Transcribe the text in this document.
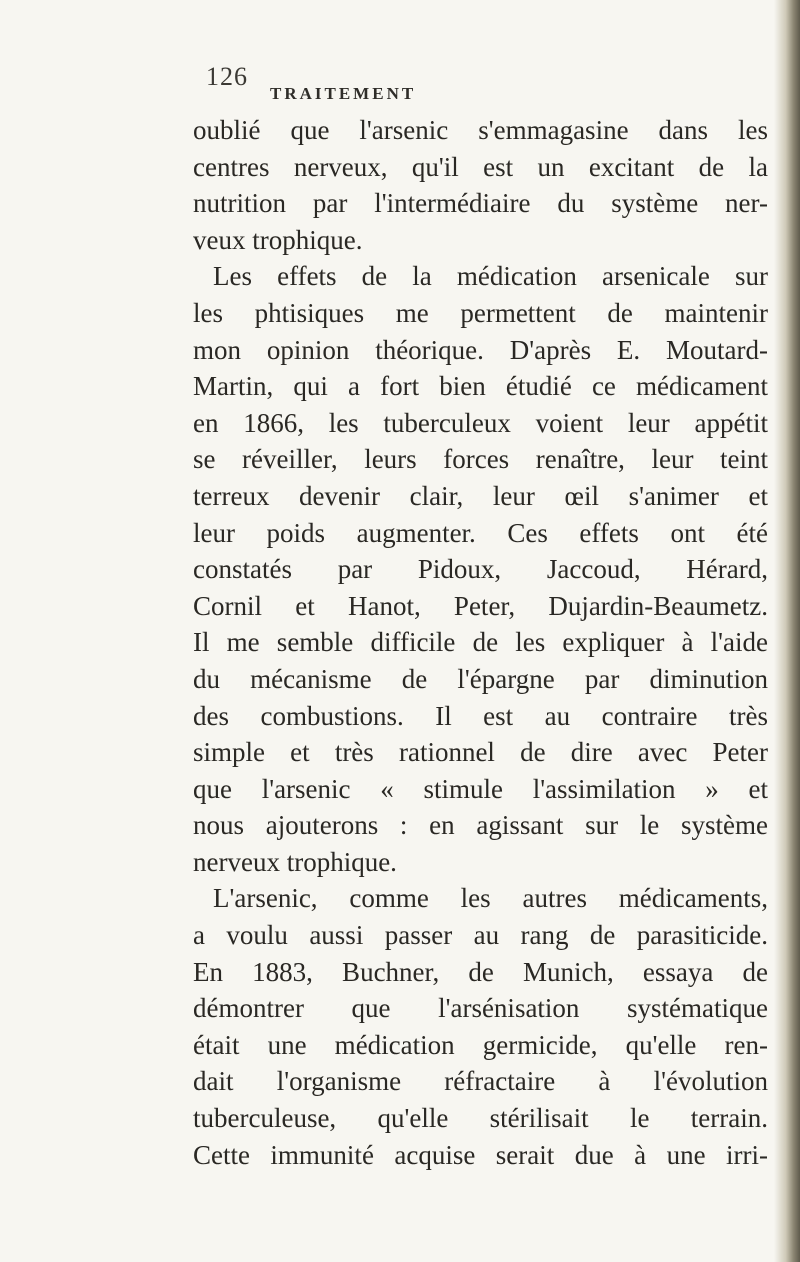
126
TRAITEMENT
oublié que l'arsenic s'emmagasine dans les
centres nerveux, qu'il est un excitant de la
nutrition par l'intermédiaire du système ner-
veux trophique.
Les effets de la médication arsenicale sur
les phtisiques me permettent de maintenir
mon opinion théorique. D'après E. Moutard-
Martin, qui a fort bien étudié ce médicament
en 1866, les tuberculeux voient leur appétit
se réveiller, leurs forces renaître, leur teint
terreux devenir clair, leur œil s'animer et
leur poids augmenter. Ces effets ont été
constatés par Pidoux, Jaccoud, Hérard,
Cornil et Hanot, Peter, Dujardin-Beaumetz.
Il me semble difficile de les expliquer à l'aide
du mécanisme de l'épargne par diminution
des combustions. Il est au contraire très
simple et très rationnel de dire avec Peter
que l'arsenic « stimule l'assimilation » et
nous ajouterons : en agissant sur le système
nerveux trophique.
L'arsenic, comme les autres médicaments,
a voulu aussi passer au rang de parasiticide.
En 1883, Buchner, de Munich, essaya de
démontrer que l'arsénisation systématique
était une médication germicide, qu'elle ren-
dait l'organisme réfractaire à l'évolution
tuberculeuse, qu'elle stérilisait le terrain.
Cette immunité acquise serait due à une irri-
